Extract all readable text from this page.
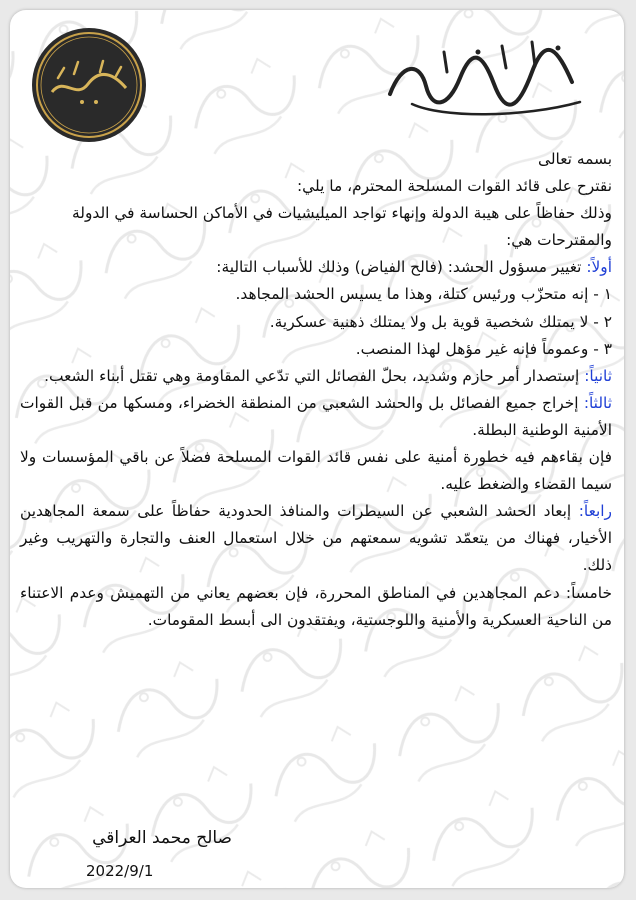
بسمه تعالى

نقترح على قائد القوات المسلحة المحترم، ما يلي:

وذلك حفاظاً على هيبة الدولة وإنهاء تواجد الميليشيات في الأماكن الحساسة في الدولة

والمقترحات هي:

أولاً: تغيير مسؤول الحشد: (فالح الفياض) وذلك للأسباب التالية:

١ - إنه متحزّب ورئيس كتلة، وهذا ما يسيس الحشد المجاهد.

٢ - لا يمتلك شخصية قوية بل ولا يمتلك ذهنية عسكرية.

٣ - وعموماً فإنه غير مؤهل لهذا المنصب.

ثانياً: إستصدار أمر حازم وشديد، بحلّ الفصائل التي تدّعي المقاومة وهي تقتل أبناء الشعب.

ثالثاً: إخراج جميع الفصائل بل والحشد الشعبي من المنطقة الخضراء، ومسكها من قبل القوات الأمنية الوطنية البطلة.

فإن بقاءهم فيه خطورة أمنية على نفس قائد القوات المسلحة فضلاً عن باقي المؤسسات ولا سيما القضاء والضغط عليه.

رابعاً: إبعاد الحشد الشعبي عن السيطرات والمنافذ الحدودية حفاظاً على سمعة المجاهدين الأخيار، فهناك من يتعمّد تشويه سمعتهم من خلال استعمال العنف والتجارة والتهريب وغير ذلك.

خامساً: دعم المجاهدين في المناطق المحررة، فإن بعضهم يعاني من التهميش وعدم الاعتناء من الناحية العسكرية والأمنية واللوجستية، ويفتقدون الى أبسط المقومات.

صالح محمد العراقي
2022/9/1
